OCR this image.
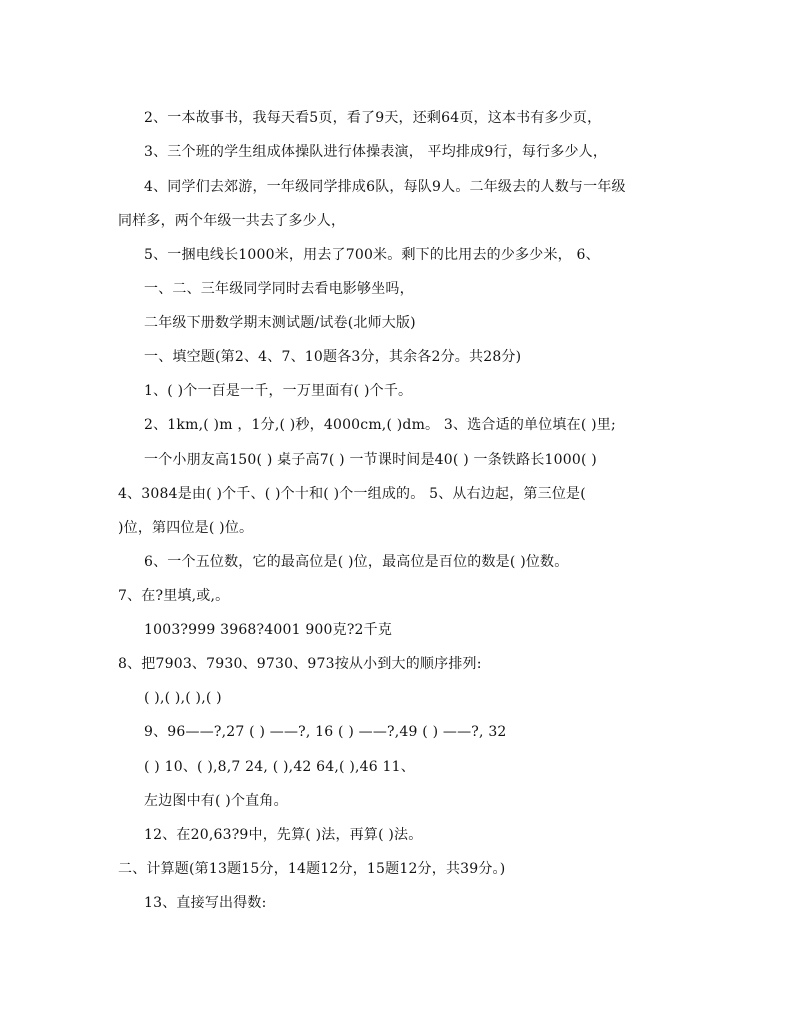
2、一本故事书，我每天看5页，看了9天，还剩64页，这本书有多少页，
3、三个班的学生组成体操队进行体操表演， 平均排成9行，每行多少人，
4、同学们去郊游，一年级同学排成6队，每队9人。二年级去的人数与一年级
同样多，两个年级一共去了多少人，
5、一捆电线长1000米，用去了700米。剩下的比用去的少多少米， 6、
一、二、三年级同学同时去看电影够坐吗，
二年级下册数学期末测试题/试卷(北师大版)
一、填空题(第2、4、7、10题各3分，其余各2分。共28分)
1、( )个一百是一千，一万里面有( )个千。
2、1km,( )m ，1分,( )秒，4000cm,( )dm。 3、选合适的单位填在( )里;
一个小朋友高150( ) 桌子高7( ) 一节课时间是40( ) 一条铁路长1000( )
4、3084是由( )个千、( )个十和( )个一组成的。 5、从右边起，第三位是(
)位，第四位是( )位。
6、一个五位数，它的最高位是( )位，最高位是百位的数是( )位数。
7、在?里填,或,。
1003?999 3968?4001 900克?2千克
8、把7903、7930、9730、973按从小到大的顺序排列:
( ),( ),( ),( )
9、96——?,27 ( ) ——?, 16 ( ) ——?,49 ( ) ——?, 32
( ) 10、( ),8,7 24, ( ),42 64,( ),46 11、
左边图中有( )个直角。
12、在20,63?9中，先算( )法，再算( )法。
二、计算题(第13题15分，14题12分，15题12分，共39分。)
13、直接写出得数:
